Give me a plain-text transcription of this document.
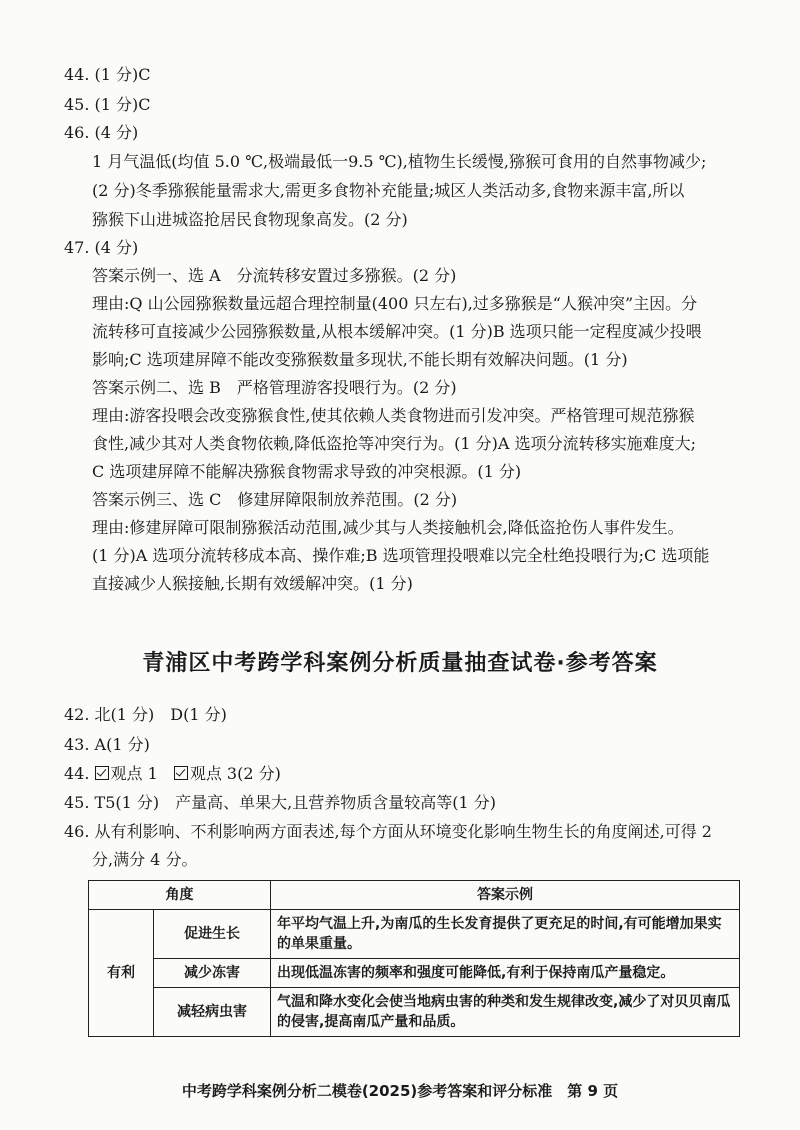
44. (1 分)C
45. (1 分)C
46. (4 分)
1 月气温低(均值 5.0 ℃,极端最低一9.5 ℃),植物生长缓慢,猕猴可食用的自然事物减少;
(2 分)冬季猕猴能量需求大,需更多食物补充能量;城区人类活动多,食物来源丰富,所以
猕猴下山进城盗抢居民食物现象高发。(2 分)
47. (4 分)
答案示例一、选 A　分流转移安置过多猕猴。(2 分)
理由:Q 山公园猕猴数量远超合理控制量(400 只左右),过多猕猴是“人猴冲突”主因。分
流转移可直接减少公园猕猴数量,从根本缓解冲突。(1 分)B 选项只能一定程度减少投喂
影响;C 选项建屏障不能改变猕猴数量多现状,不能长期有效解决问题。(1 分)
答案示例二、选 B　严格管理游客投喂行为。(2 分)
理由:游客投喂会改变猕猴食性,使其依赖人类食物进而引发冲突。严格管理可规范猕猴
食性,减少其对人类食物依赖,降低盗抢等冲突行为。(1 分)A 选项分流转移实施难度大;
C 选项建屏障不能解决猕猴食物需求导致的冲突根源。(1 分)
答案示例三、选 C　修建屏障限制放养范围。(2 分)
理由:修建屏障可限制猕猴活动范围,减少其与人类接触机会,降低盗抢伤人事件发生。
(1 分)A 选项分流转移成本高、操作难;B 选项管理投喂难以完全杜绝投喂行为;C 选项能
直接减少人猴接触,长期有效缓解冲突。(1 分)
青浦区中考跨学科案例分析质量抽查试卷·参考答案
42. 北(1 分)　D(1 分)
43. A(1 分)
44. 观点 1　观点 3(2 分)
45. T5(1 分)　产量高、单果大,且营养物质含量较高等(1 分)
46. 从有利影响、不利影响两方面表述,每个方面从环境变化影响生物生长的角度阐述,可得 2
分,满分 4 分。
角度		答案示例
有利	促进生长	年平均气温上升,为南瓜的生长发育提供了更充足的时间,有可能增加果实的单果重量。
	减少冻害	出现低温冻害的频率和强度可能降低,有利于保持南瓜产量稳定。
	减轻病虫害	气温和降水变化会使当地病虫害的种类和发生规律改变,减少了对贝贝南瓜的侵害,提高南瓜产量和品质。
中考跨学科案例分析二模卷(2025)参考答案和评分标准　第 9 页
